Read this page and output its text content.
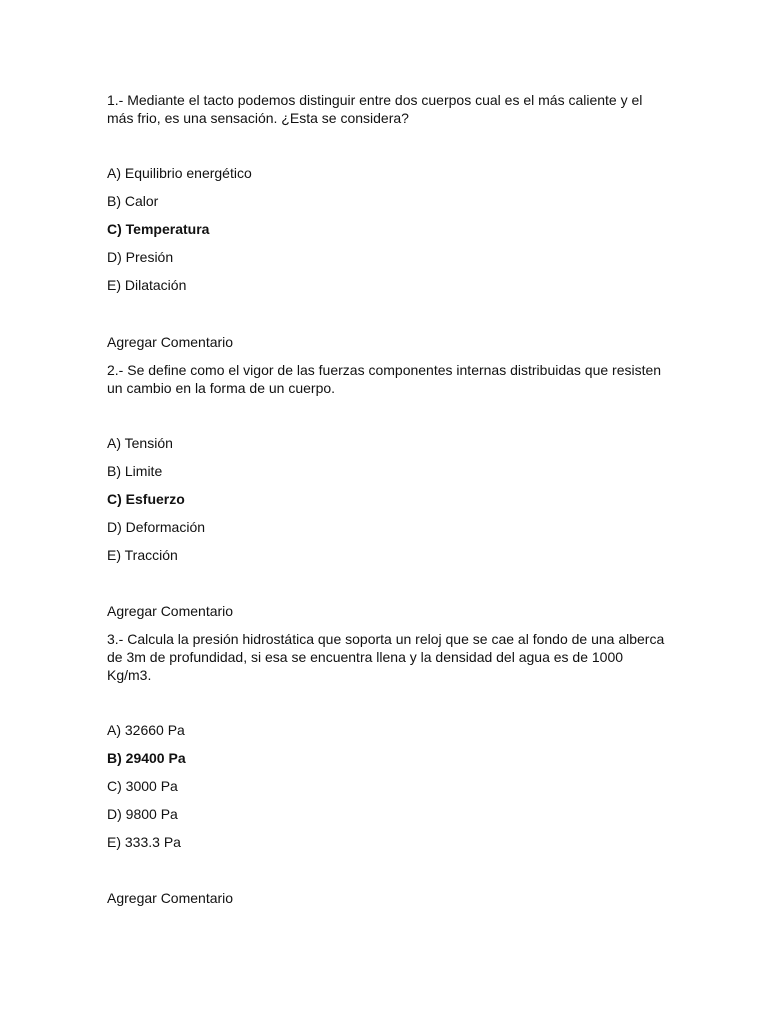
1.- Mediante el tacto podemos distinguir entre dos cuerpos cual es el más caliente y el más frio, es una sensación. ¿Esta se considera?

A) Equilibrio energético

B) Calor

C) Temperatura

D) Presión

E) Dilatación

Agregar Comentario

2.- Se define como el vigor de las fuerzas componentes internas distribuidas que resisten un cambio en la forma de un cuerpo.

A) Tensión

B) Limite

C) Esfuerzo

D) Deformación

E) Tracción

Agregar Comentario

3.- Calcula la presión hidrostática que soporta un reloj que se cae al fondo de una alberca de 3m de profundidad, si esa se encuentra llena y la densidad del agua es de 1000 Kg/m3.

A) 32660 Pa

B) 29400 Pa

C) 3000 Pa

D) 9800 Pa

E) 333.3 Pa

Agregar Comentario
